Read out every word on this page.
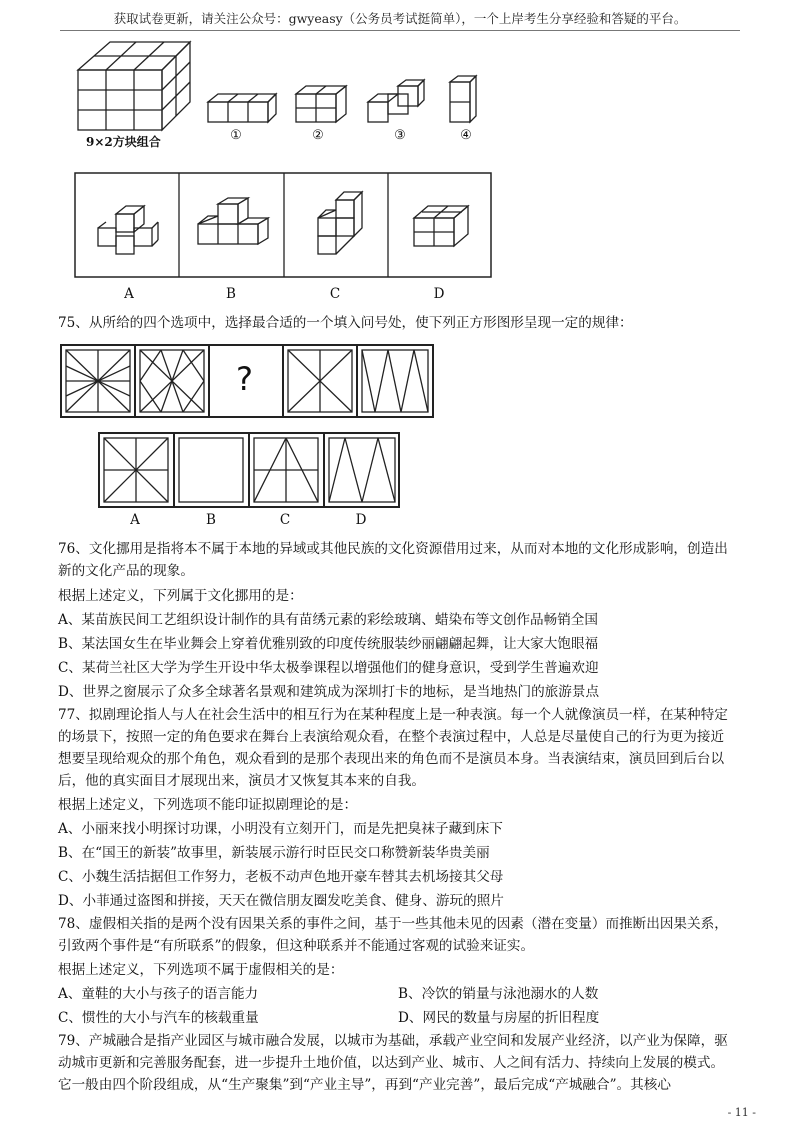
获取试卷更新，请关注公众号：gwyeasy（公务员考试挺简单），一个上岸考生分享经验和答疑的平台。
9×2方块组合	①	②	③	④
A	B	C	D
75、从所给的四个选项中，选择最合适的一个填入问号处，使下列正方形图形呈现一定的规律：
?
A	B	C	D
76、文化挪用是指将本不属于本地的异域或其他民族的文化资源借用过来，从而对本地的文化形成影响，创造出
新的文化产品的现象。
根据上述定义，下列属于文化挪用的是：
A、某苗族民间工艺组织设计制作的具有苗绣元素的彩绘玻璃、蜡染布等文创作品畅销全国
B、某法国女生在毕业舞会上穿着优雅别致的印度传统服装纱丽翩翩起舞，让大家大饱眼福
C、某荷兰社区大学为学生开设中华太极拳课程以增强他们的健身意识，受到学生普遍欢迎
D、世界之窗展示了众多全球著名景观和建筑成为深圳打卡的地标，是当地热门的旅游景点
77、拟剧理论指人与人在社会生活中的相互行为在某种程度上是一种表演。每一个人就像演员一样，在某种特定
的场景下，按照一定的角色要求在舞台上表演给观众看，在整个表演过程中，人总是尽量使自己的行为更为接近
想要呈现给观众的那个角色，观众看到的是那个表现出来的角色而不是演员本身。当表演结束，演员回到后台以
后，他的真实面目才展现出来，演员才又恢复其本来的自我。
根据上述定义，下列选项不能印证拟剧理论的是：
A、小丽来找小明探讨功课，小明没有立刻开门，而是先把臭袜子藏到床下
B、在“国王的新装”故事里，新装展示游行时臣民交口称赞新装华贵美丽
C、小魏生活拮据但工作努力，老板不动声色地开豪车替其去机场接其父母
D、小菲通过盗图和拼接，天天在微信朋友圈发吃美食、健身、游玩的照片
78、虚假相关指的是两个没有因果关系的事件之间，基于一些其他未见的因素（潜在变量）而推断出因果关系，
引致两个事件是“有所联系”的假象，但这种联系并不能通过客观的试验来证实。
根据上述定义，下列选项不属于虚假相关的是：
A、童鞋的大小与孩子的语言能力	B、冷饮的销量与泳池溺水的人数
C、惯性的大小与汽车的核载重量	D、网民的数量与房屋的折旧程度
79、产城融合是指产业园区与城市融合发展，以城市为基础，承载产业空间和发展产业经济，以产业为保障，驱
动城市更新和完善服务配套，进一步提升土地价值，以达到产业、城市、人之间有活力、持续向上发展的模式。
它一般由四个阶段组成，从“生产聚集”到“产业主导”，再到“产业完善”，最后完成“产城融合”。其核心
- 11 -
